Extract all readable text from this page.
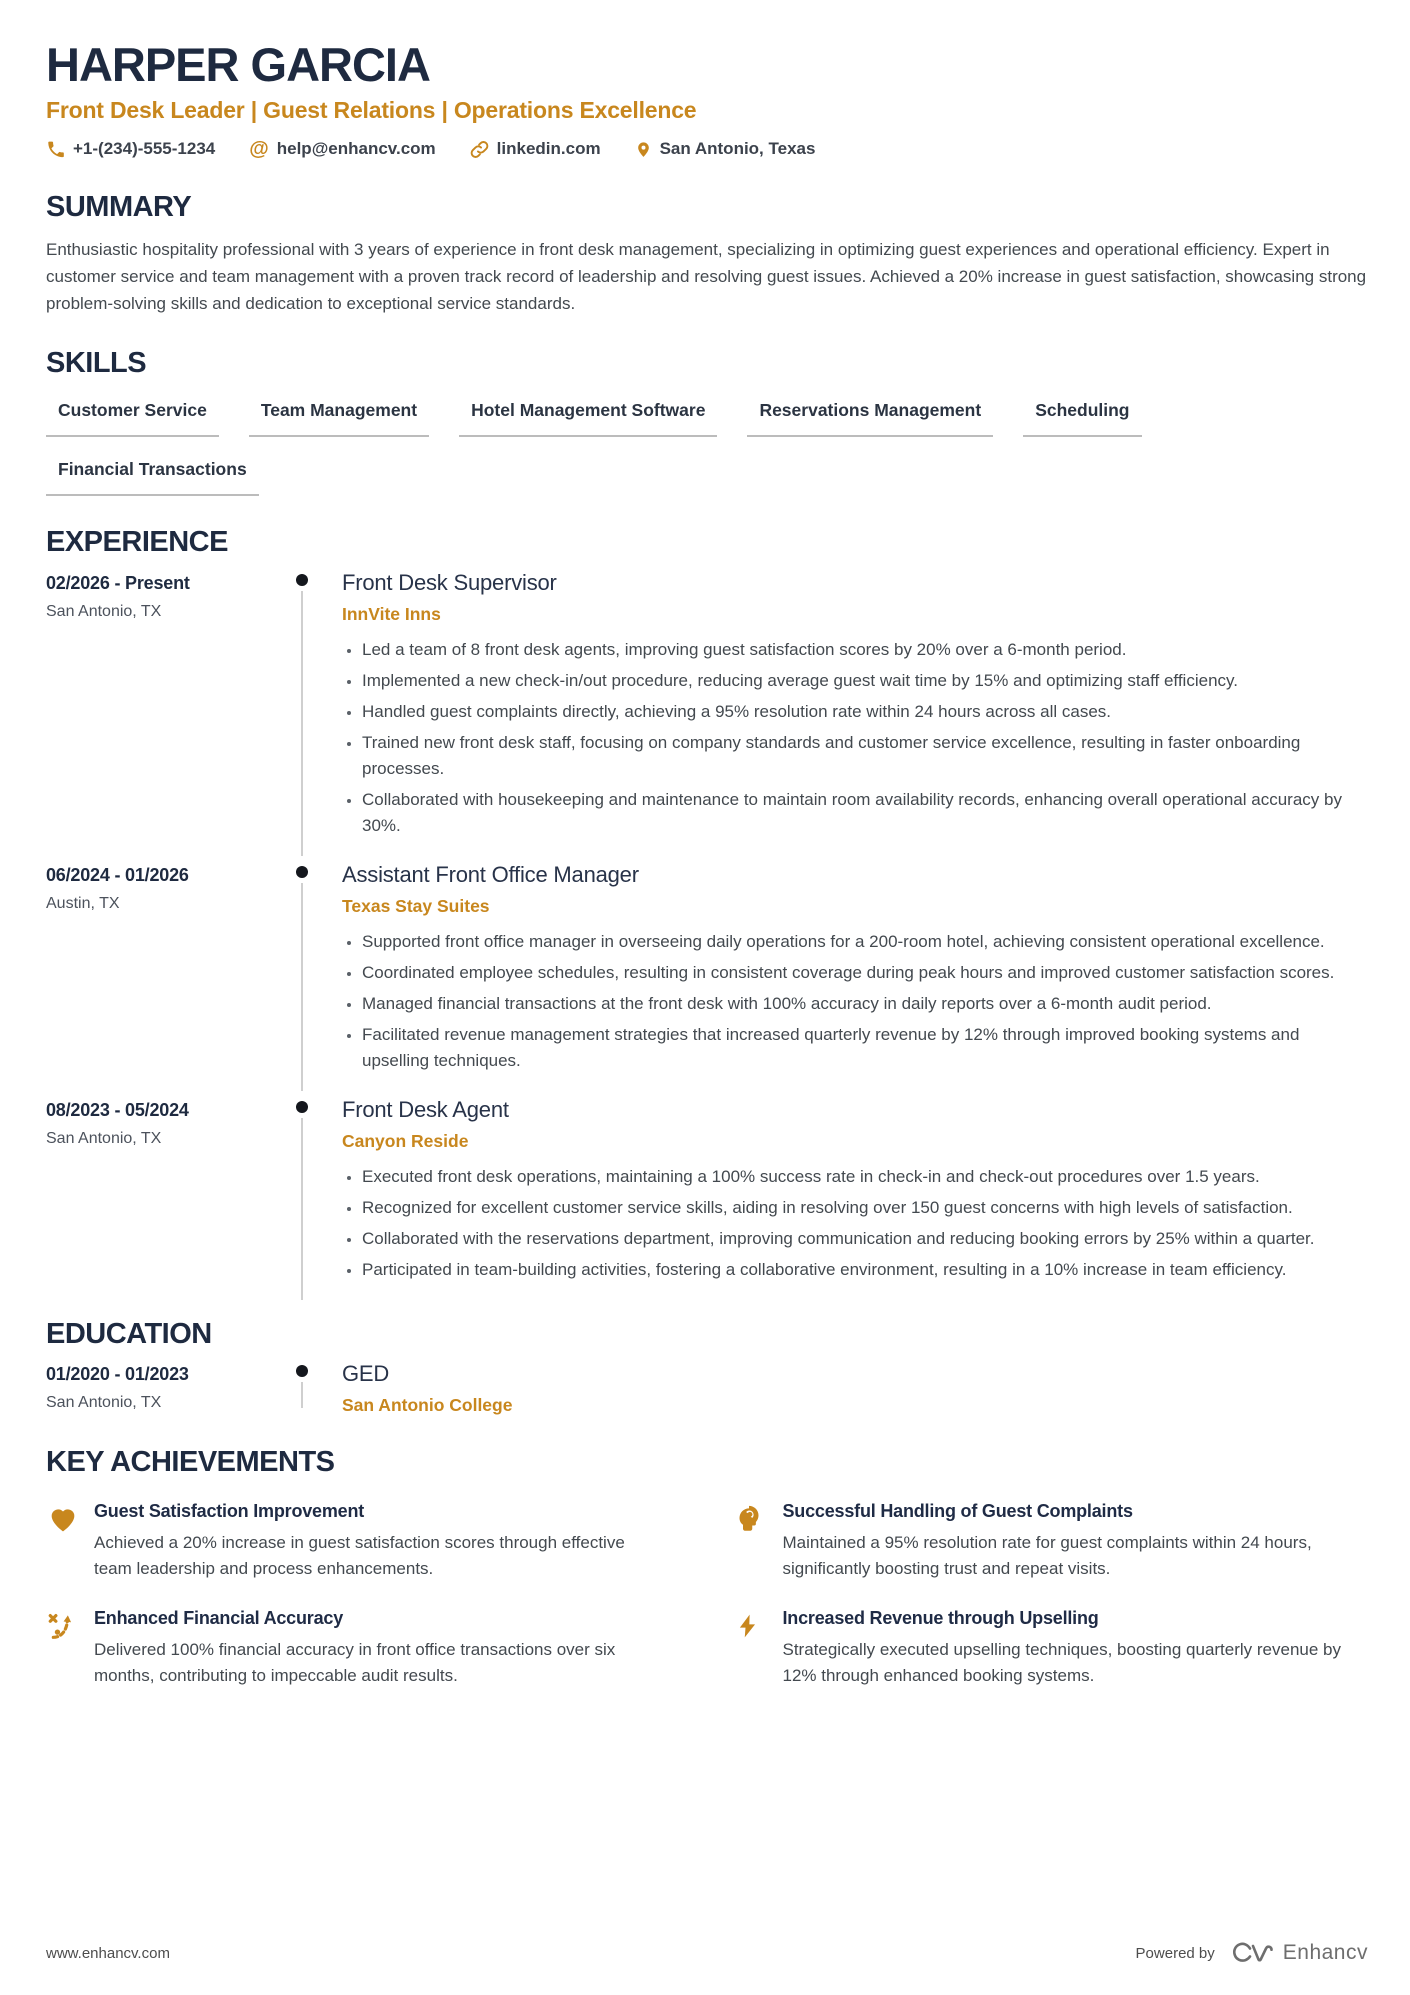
HARPER GARCIA
Front Desk Leader | Guest Relations | Operations Excellence
+1-(234)-555-1234 @ help@enhancv.com	linkedin.com	San Antonio, Texas
SUMMARY

Enthusiastic hospitality professional with 3 years of experience in front desk management, specializing in optimizing guest experiences and operational efficiency. Expert in customer service and team management with a proven track record of leadership and resolving guest issues. Achieved a 20% increase in guest satisfaction, showcasing strong problem-solving skills and dedication to exceptional service standards.

SKILLS
Customer Service	Team Management	Hotel Management Software	Reservations Management	Scheduling
Financial Transactions
EXPERIENCE
02/2026 - Present
San Antonio, TX
Front Desk Supervisor
InnVite Inns
• Led a team of 8 front desk agents, improving guest satisfaction scores by 20% over a 6-month period.
• Implemented a new check-in/out procedure, reducing average guest wait time by 15% and optimizing staff efficiency.
• Handled guest complaints directly, achieving a 95% resolution rate within 24 hours across all cases.
• Trained new front desk staff, focusing on company standards and customer service excellence, resulting in faster onboarding processes.
• Collaborated with housekeeping and maintenance to maintain room availability records, enhancing overall operational accuracy by 30%.
06/2024 - 01/2026
Austin, TX
Assistant Front Office Manager
Texas Stay Suites
• Supported front office manager in overseeing daily operations for a 200-room hotel, achieving consistent operational excellence.
• Coordinated employee schedules, resulting in consistent coverage during peak hours and improved customer satisfaction scores.
• Managed financial transactions at the front desk with 100% accuracy in daily reports over a 6-month audit period.
• Facilitated revenue management strategies that increased quarterly revenue by 12% through improved booking systems and upselling techniques.
08/2023 - 05/2024
San Antonio, TX
Front Desk Agent
Canyon Reside
• Executed front desk operations, maintaining a 100% success rate in check-in and check-out procedures over 1.5 years.
• Recognized for excellent customer service skills, aiding in resolving over 150 guest concerns with high levels of satisfaction.
• Collaborated with the reservations department, improving communication and reducing booking errors by 25% within a quarter.
• Participated in team-building activities, fostering a collaborative environment, resulting in a 10% increase in team efficiency.
EDUCATION
01/2020 - 01/2023
San Antonio, TX
GED
San Antonio College
KEY ACHIEVEMENTS
Guest Satisfaction Improvement
Achieved a 20% increase in guest satisfaction scores through effective team leadership and process enhancements.
Successful Handling of Guest Complaints
Maintained a 95% resolution rate for guest complaints within 24 hours, significantly boosting trust and repeat visits.
Enhanced Financial Accuracy
Delivered 100% financial accuracy in front office transactions over six months, contributing to impeccable audit results.
Increased Revenue through Upselling
Strategically executed upselling techniques, boosting quarterly revenue by 12% through enhanced booking systems.
www.enhancv.com	Powered by	Enhancv
